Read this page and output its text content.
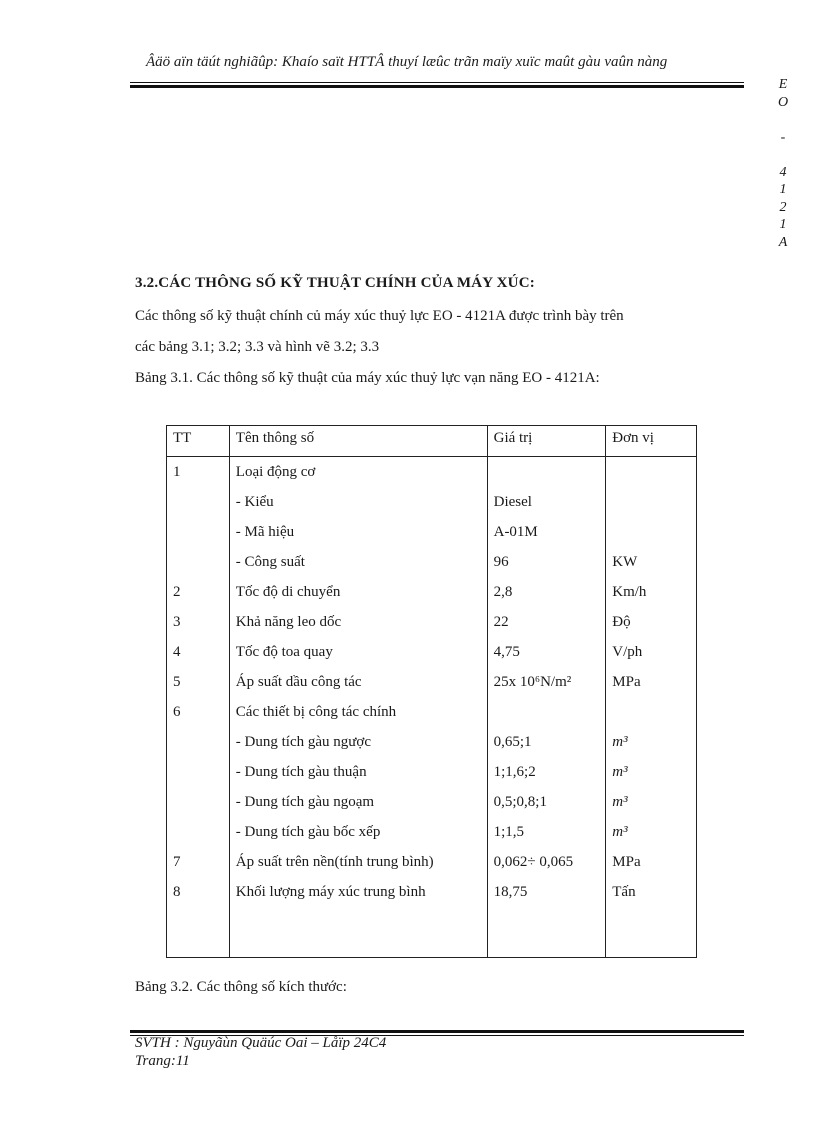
Âäö aïn täút nghiãûp: Khaío saït HTTÂ thuyí læûc trãn maïy xuïc maût gàu vaûn nàng
E
O
-
4
1
2
1
A
3.2.CÁC THÔNG SỐ KỸ THUẬT CHÍNH CỦA MÁY XÚC:
Các thông số kỹ thuật chính củ máy xúc thuỷ lực EO - 4121A được trình bày trên
các bảng 3.1; 3.2; 3.3 và hình vẽ 3.2; 3.3
Bảng 3.1. Các thông số kỹ thuật của máy xúc thuỷ lực vạn năng EO - 4121A:
TT	Tên thông số	Giá trị	Đơn vị
1	Loại động cơ		
	- Kiểu	Diesel	
	- Mã hiệu	A-01M	
	- Công suất	96	KW
2	Tốc độ di chuyển	2,8	Km/h
3	Khả năng leo dốc	22	Độ
4	Tốc độ toa quay	4,75	V/ph
5	Áp suất dầu công tác	25x 10⁶N/m²	MPa
6	Các thiết bị công tác chính		
	- Dung tích gàu ngược	0,65;1	m³
	- Dung tích gàu thuận	1;1,6;2	m³
	- Dung tích gàu ngoạm	0,5;0,8;1	m³
	- Dung tích gàu bốc xếp	1;1,5	m³
7	Áp suất trên nền(tính trung bình)	0,062÷ 0,065	MPa
8	Khối lượng máy xúc trung bình	18,75	Tấn

Bảng 3.2. Các thông số kích thước:
SVTH : Nguyãùn Quäúc Oai – Låïp 24C4
Trang:11
